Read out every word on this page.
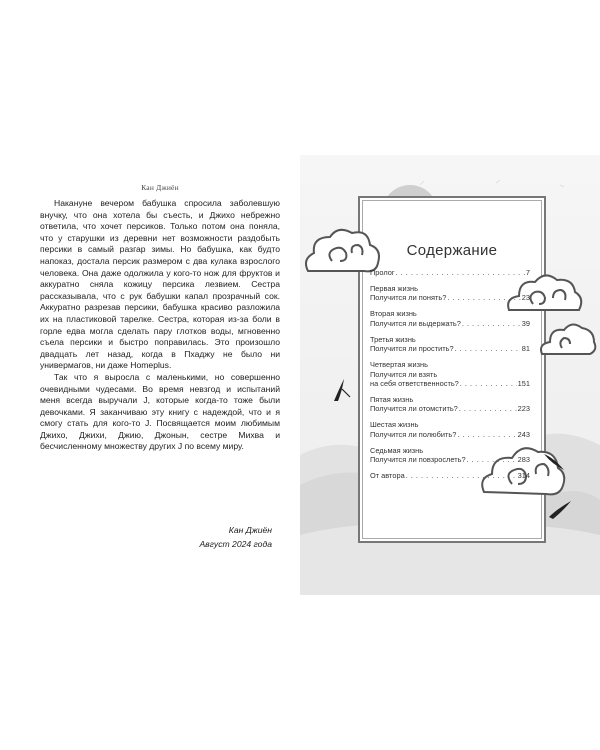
Кан Джиён

Накануне вечером бабушка спросила заболевшую внучку, что она хотела бы съесть, и Джихо небрежно ответила, что хочет персиков. Только потом она поняла, что у старушки из деревни нет возможности раздобыть персики в самый разгар зимы. Но бабушка, как будто напоказ, достала персик размером с два кулака взрослого человека. Она даже одолжила у кого-то нож для фруктов и аккуратно сняла кожицу персика лезвием. Сестра рассказывала, что с рук бабушки капал прозрачный сок. Аккуратно разрезав персики, бабушка красиво разложила их на пластиковой тарелке. Сестра, которая из-за боли в горле едва могла сделать пару глотков воды, мгновенно съела персики и быстро поправилась. Это произошло двадцать лет назад, когда в Пхаджу не было ни универмагов, ни даже Homeplus.

Так что я выросла с маленькими, но совершенно очевидными чудесами. Во время невзгод и испытаний меня всегда выручали J, которые когда-то тоже были девочками. Я заканчиваю эту книгу с надеждой, что и я смогу стать для кого-то J. Посвящается моим любимым Джихо, Джихи, Джию, Джонын, сестре Михва и бесчисленному множеству других J по всему миру.

Кан Джиён
Август 2024 года
Содержание
Пролог . . .	7
Первая жизнь
Получится ли понять? . . .	23
Вторая жизнь
Получится ли выдержать? . . .	39
Третья жизнь
Получится ли простить? . . .	81
Четвертая жизнь
Получится ли взять
на себя ответственность? . . .	151
Пятая жизнь
Получится ли отомстить? . . .	223
Шестая жизнь
Получится ли полюбить? . . .	243
Седьмая жизнь
Получится ли повзрослеть? . . .	283
От автора . . .	314
